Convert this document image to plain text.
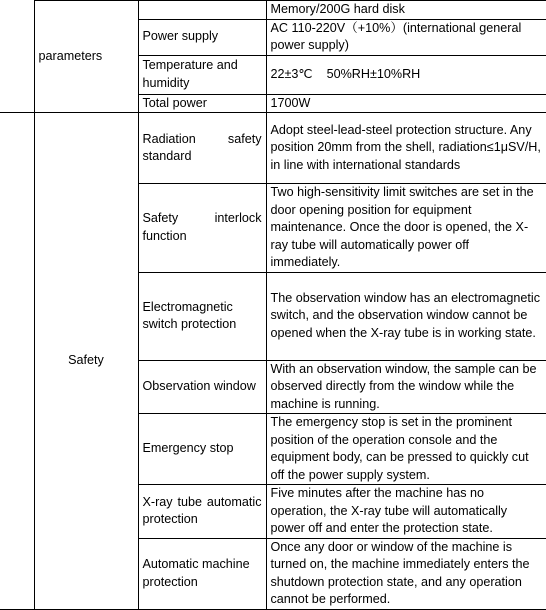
	parameters		Memory/200G hard disk
		Power supply	AC 110-220V（+10%）(international general power supply)
		Temperature and humidity	22±3℃    50%RH±10%RH
		Total power	1700W
	Safety	Radiation safety standard	Adopt steel-lead-steel protection structure. Any position 20mm from the shell, radiation≤1μSV/H, in line with international standards
		Safety interlock function	Two high-sensitivity limit switches are set in the door opening position for equipment maintenance. Once the door is opened, the X-ray tube will automatically power off immediately.
		Electromagnetic switch protection	The observation window has an electromagnetic switch, and the observation window cannot be opened when the X-ray tube is in working state.
		Observation window	With an observation window, the sample can be observed directly from the window while the machine is running.
		Emergency stop	The emergency stop is set in the prominent position of the operation console and the equipment body, can be pressed to quickly cut off the power supply system.
		X-ray tube automatic protection	Five minutes after the machine has no operation, the X-ray tube will automatically power off and enter the protection state.
		Automatic machine protection	Once any door or window of the machine is turned on, the machine immediately enters the shutdown protection state, and any operation cannot be performed.
